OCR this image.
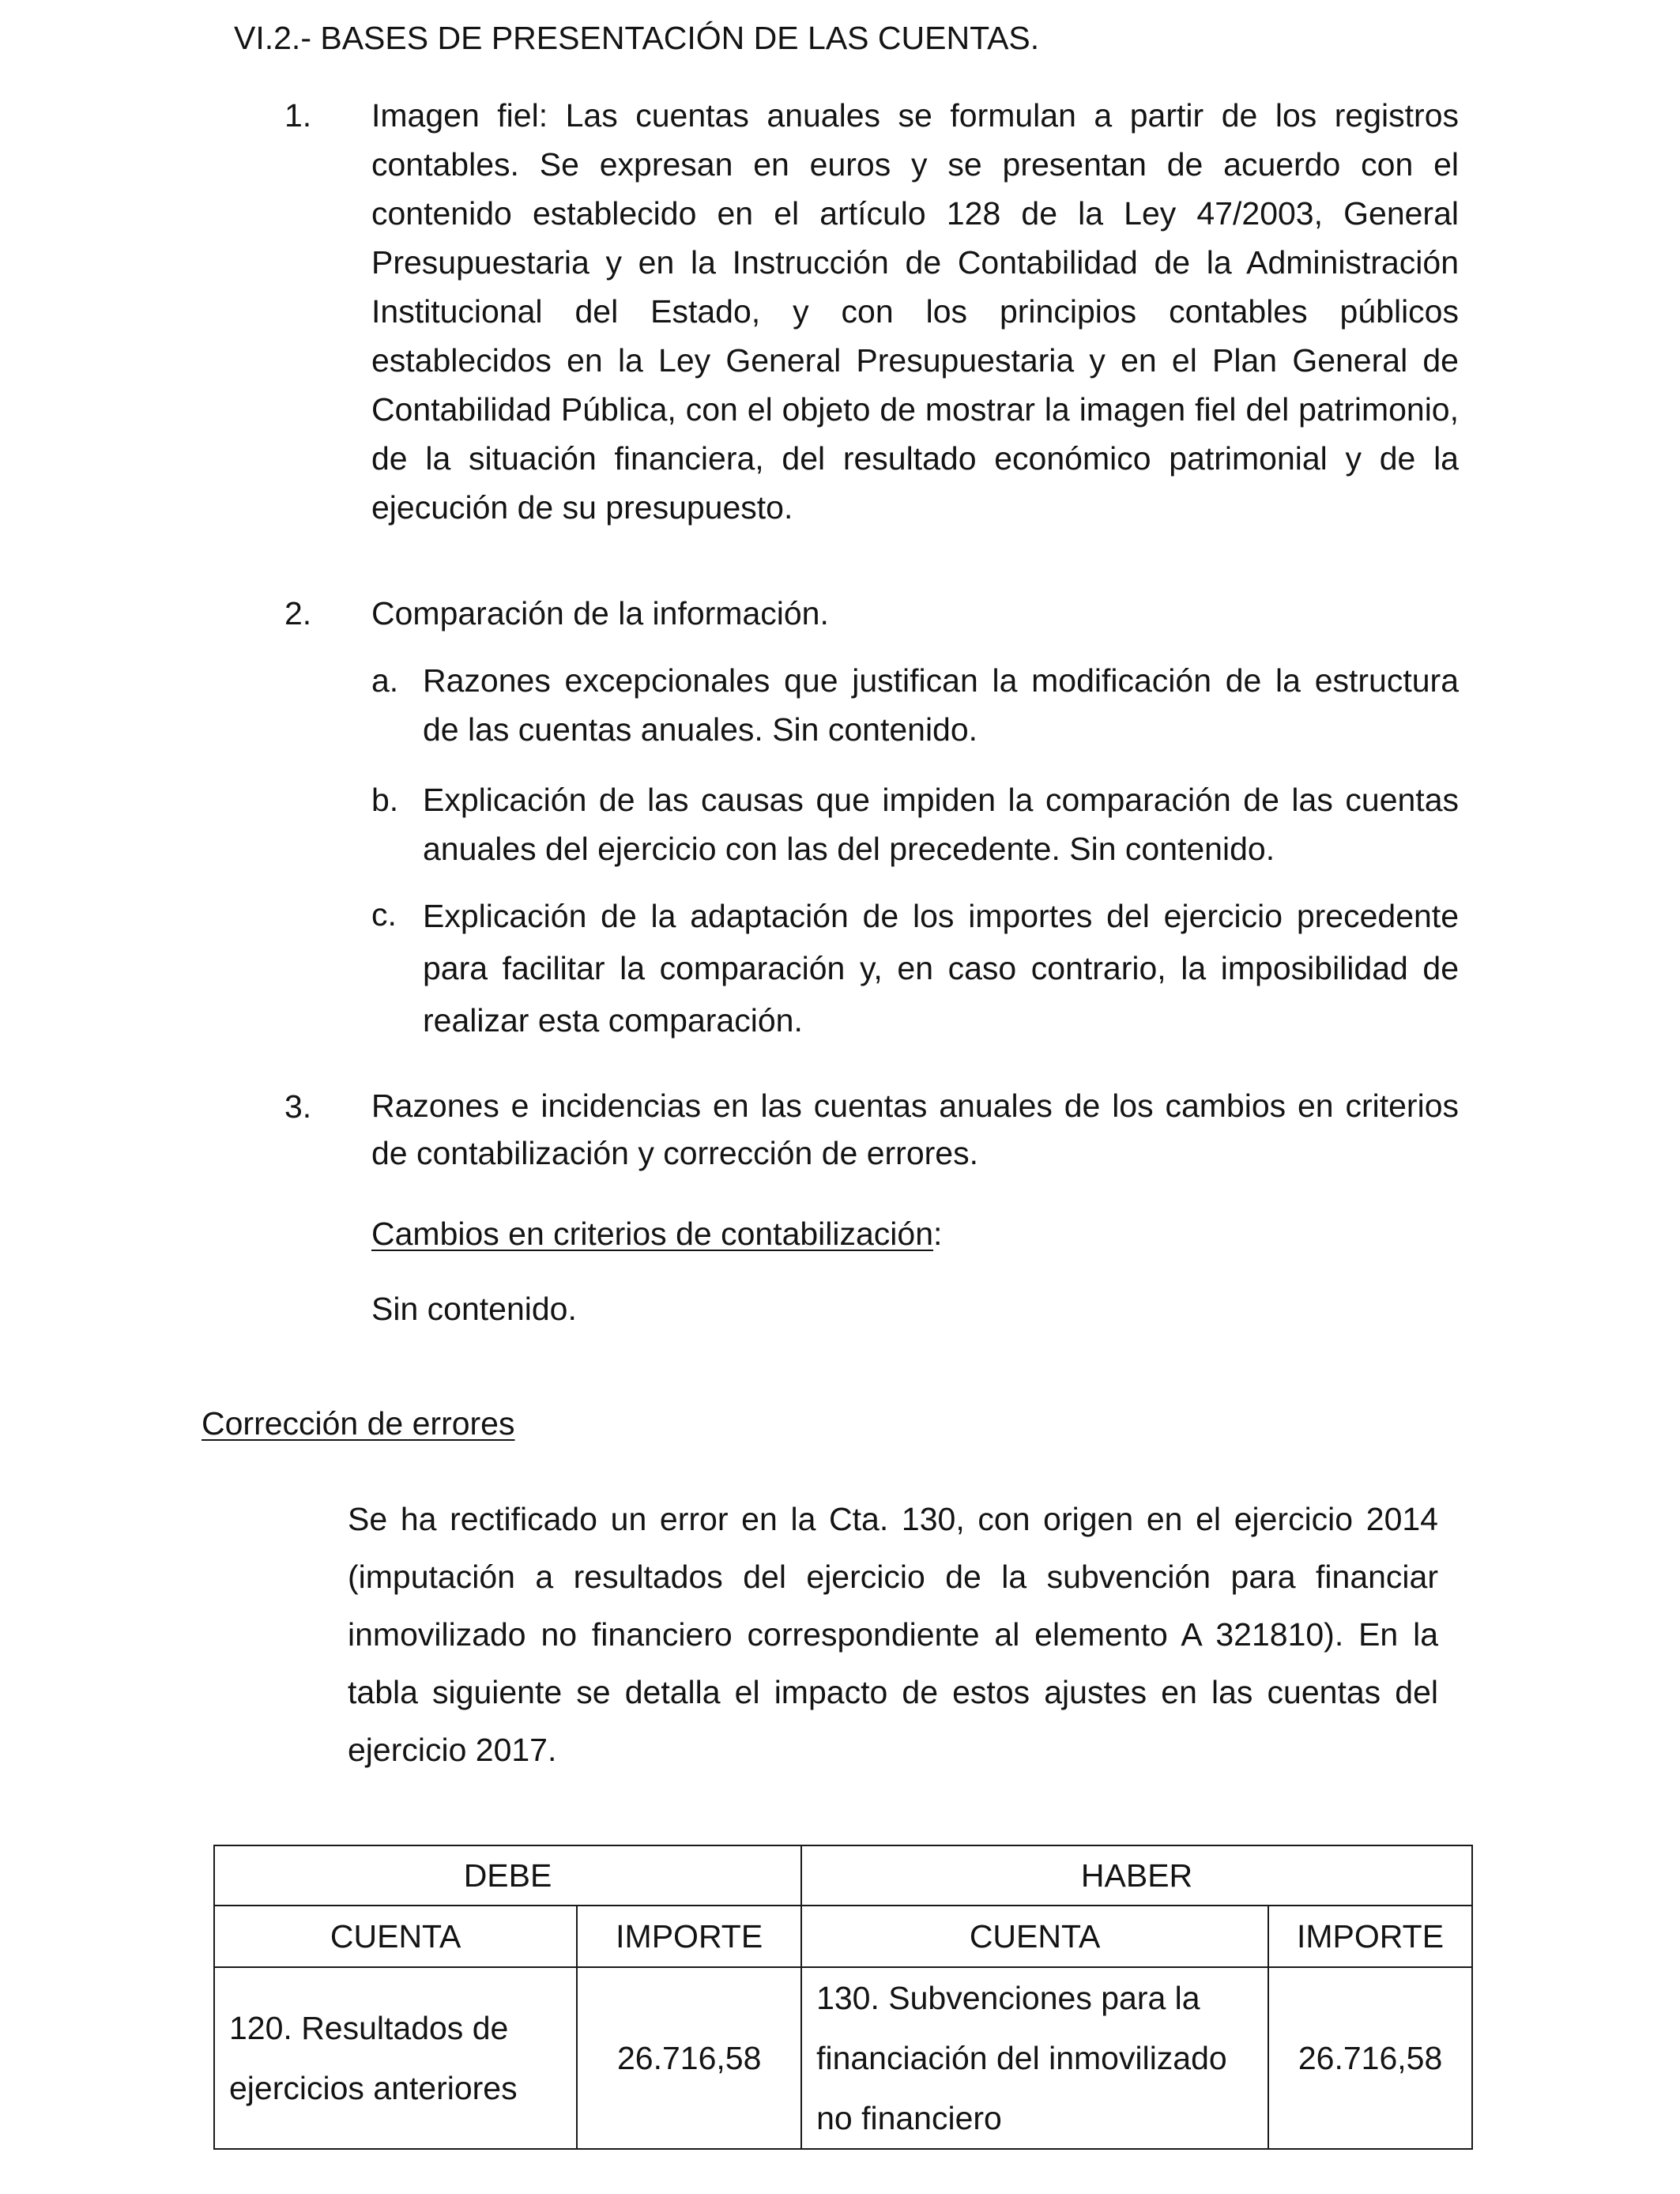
VI.2.- BASES DE PRESENTACIÓN DE LAS CUENTAS.
1. Imagen fiel: Las cuentas anuales se formulan a partir de los registros contables. Se expresan en euros y se presentan de acuerdo con el contenido establecido en el artículo 128 de la Ley 47/2003, General Presupuestaria y en la Instrucción de Contabilidad de la Administración Institucional del Estado, y con los principios contables públicos establecidos en la Ley General Presupuestaria y en el Plan General de Contabilidad Pública, con el objeto de mostrar la imagen fiel del patrimonio, de la situación financiera, del resultado económico patrimonial y de la ejecución de su presupuesto.
2. Comparación de la información.
a. Razones excepcionales que justifican la modificación de la estructura de las cuentas anuales. Sin contenido.
b. Explicación de las causas que impiden la comparación de las cuentas anuales del ejercicio con las del precedente. Sin contenido.
c. Explicación de la adaptación de los importes del ejercicio precedente para facilitar la comparación y, en caso contrario, la imposibilidad de realizar esta comparación.
3. Razones e incidencias en las cuentas anuales de los cambios en criterios de contabilización y corrección de errores.
Cambios en criterios de contabilización:
Sin contenido.
Corrección de errores
Se ha rectificado un error en la Cta. 130, con origen en el ejercicio 2014 (imputación a resultados del ejercicio de la subvención para financiar inmovilizado no financiero correspondiente al elemento A 321810). En la tabla siguiente se detalla el impacto de estos ajustes en las cuentas del ejercicio 2017.
DEBE		HABER	
CUENTA	IMPORTE	CUENTA	IMPORTE
120. Resultados de ejercicios anteriores	26.716,58	130. Subvenciones para la financiación del inmovilizado no financiero	26.716,58
